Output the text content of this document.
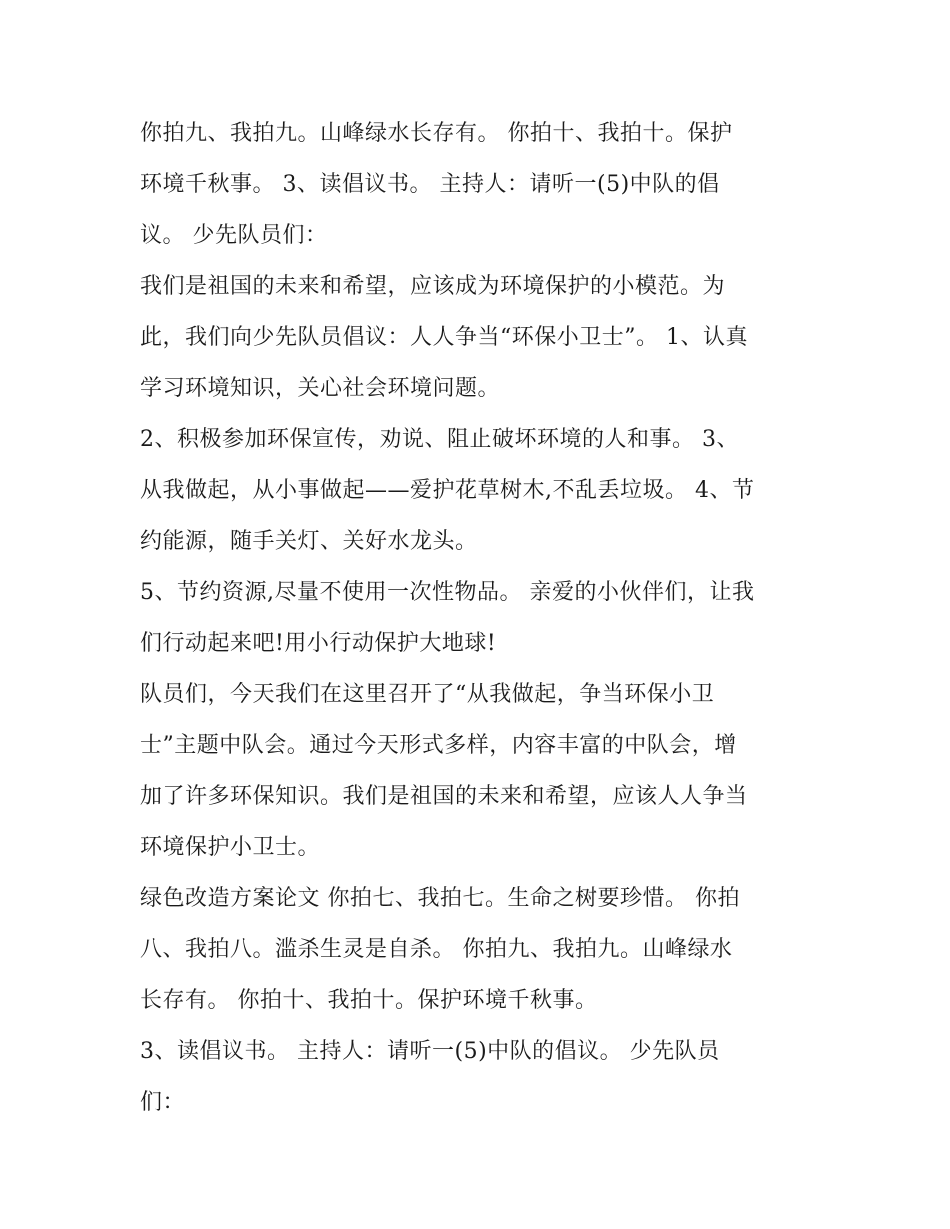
你拍九、我拍九。山峰绿水长存有。 你拍十、我拍十。保护
环境千秋事。 3、读倡议书。 主持人：请听一(5)中队的倡
议。 少先队员们：
我们是祖国的未来和希望，应该成为环境保护的小模范。为
此，我们向少先队员倡议：人人争当“环保小卫士”。 1、认真
学习环境知识，关心社会环境问题。
2、积极参加环保宣传，劝说、阻止破坏环境的人和事。 3、
从我做起，从小事做起——爱护花草树木,不乱丢垃圾。 4、节
约能源，随手关灯、关好水龙头。
5、节约资源,尽量不使用一次性物品。 亲爱的小伙伴们，让我
们行动起来吧!用小行动保护大地球!
队员们，今天我们在这里召开了“从我做起，争当环保小卫
士”主题中队会。通过今天形式多样，内容丰富的中队会，增
加了许多环保知识。我们是祖国的未来和希望，应该人人争当
环境保护小卫士。
绿色改造方案论文 你拍七、我拍七。生命之树要珍惜。 你拍
八、我拍八。滥杀生灵是自杀。 你拍九、我拍九。山峰绿水
长存有。 你拍十、我拍十。保护环境千秋事。
3、读倡议书。 主持人：请听一(5)中队的倡议。 少先队员
们：
